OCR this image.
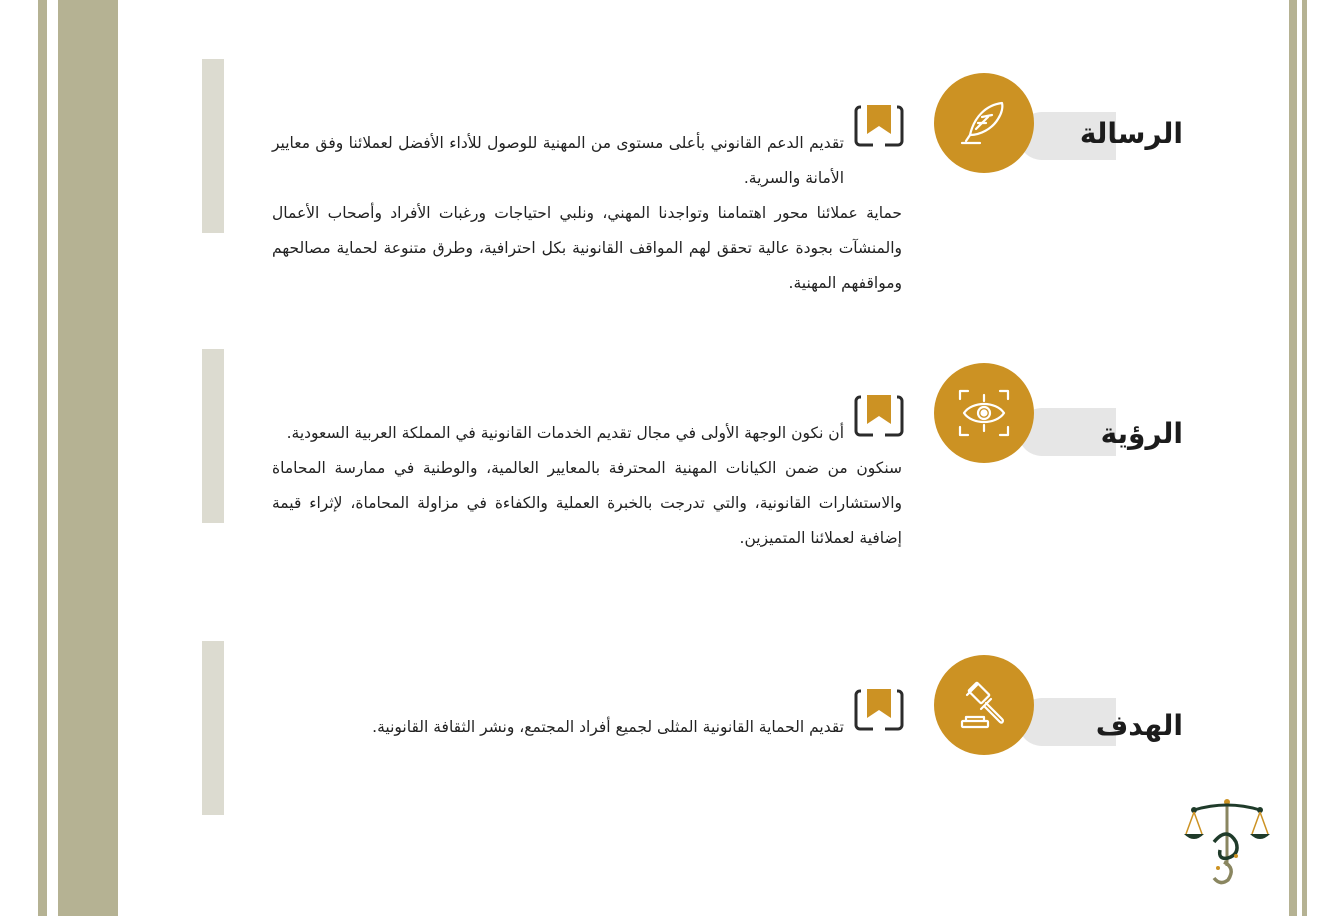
الرسالة

تقديم الدعم القانوني بأعلى مستوى من المهنية للوصول للأداء الأفضل لعملائنا وفق معايير الأمانة والسرية.

حماية عملائنا محور اهتمامنا وتواجدنا المهني، ونلبي احتياجات ورغبات الأفراد وأصحاب الأعمال والمنشآت بجودة عالية تحقق لهم المواقف القانونية بكل احترافية، وطرق متنوعة لحماية مصالحهم ومواقفهم المهنية.

الرؤية

أن نكون الوجهة الأولى في مجال تقديم الخدمات القانونية في المملكة العربية السعودية.

سنكون من ضمن الكيانات المهنية المحترفة بالمعايير العالمية، والوطنية في ممارسة المحاماة والاستشارات القانونية، والتي تدرجت بالخبرة العملية والكفاءة في مزاولة المحاماة، لإثراء قيمة إضافية لعملائنا المتميزين.

الهدف

تقديم الحماية القانونية المثلى لجميع أفراد المجتمع، ونشر الثقافة القانونية.
